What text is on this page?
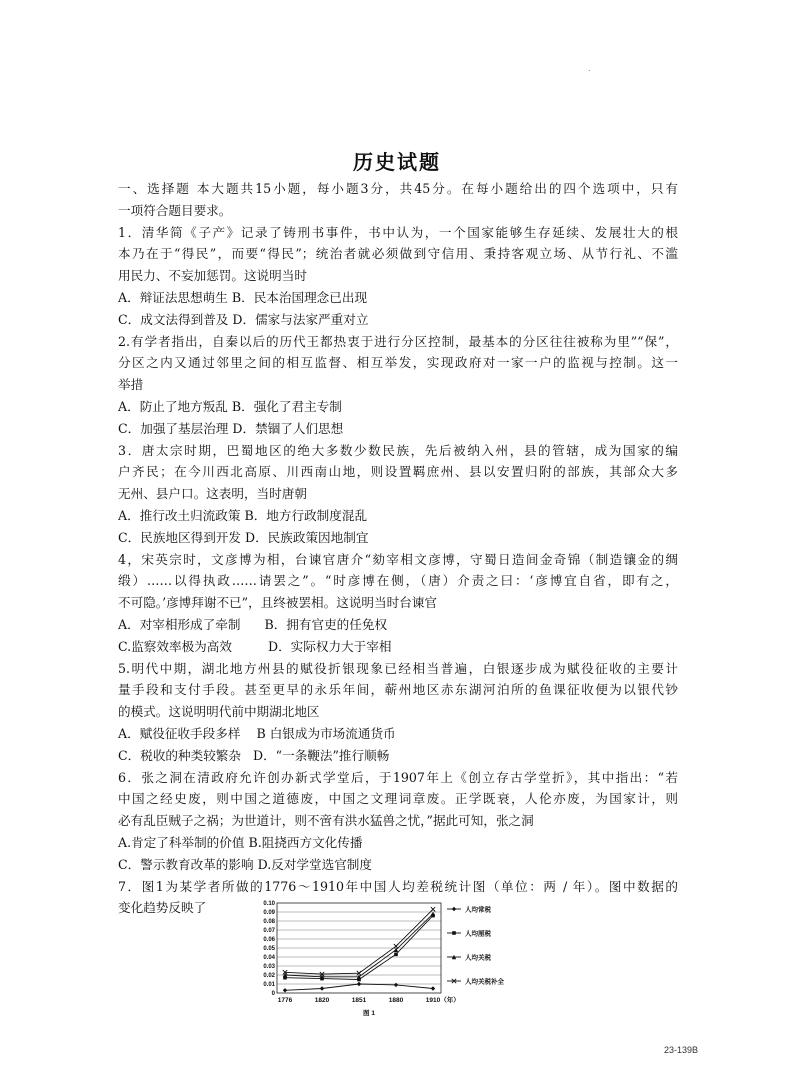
.
历史试题
一、选择题 本大题共15小题，每小题3分，共45分。在每小题给出的四个选项中，只有
一项符合题目要求。
1．清华简《子产》记录了铸刑书事件，书中认为，一个国家能够生存延续、发展壮大的根
本乃在于“得民”，而要“得民”；统治者就必须做到守信用、秉持客观立场、从节行礼、不滥
用民力、不妄加惩罚。这说明当时
A．辩证法思想萌生 B．民本治国理念已出现
C．成文法得到普及 D．儒家与法家严重对立
2.有学者指出，自秦以后的历代王都热衷于进行分区控制，最基本的分区往往被称为里”“保”，
分区之内又通过邻里之间的相互监督、相互举发，实现政府对一家一户的监视与控制。这一
举措
A．防止了地方叛乱 B．强化了君主专制
C．加强了基层治理 D．禁锢了人们思想
3．唐太宗时期，巴蜀地区的绝大多数少数民族，先后被纳入州，县的管辖，成为国家的编
户齐民；在今川西北高原、川西南山地，则设置羁庶州、县以安置归附的部族，其部众大多
无州、县户口。这表明，当时唐朝
A．推行改土归流政策 B．地方行政制度混乱
C．民族地区得到开发 D．民族政策因地制宜
4，宋英宗时，文彦博为相，台谏官唐介“劾宰相文彦博，守蜀日造间金奇锦（制造镶金的绸
缎）……以得执政……请罢之”。“时彦博在侧，（唐）介责之曰：‘彦博宜自省，即有之，
不可隐。’彦博拜谢不已”，且终被罢相。这说明当时台谏官
A．对宰相形成了牵制      B．拥有官吏的任免权
C.监察效率极为高效         D．实际权力大于宰相
5.明代中期，湖北地方州县的赋役折银现象已经相当普遍，白银逐步成为赋役征收的主要计
量手段和支付手段。甚至更早的永乐年间，蕲州地区赤东湖河泊所的鱼课征收便为以银代钞
的模式。这说明明代前中期湖北地区
A．赋役征收手段多样    B 白银成为市场流通货币
C．税收的种类较繁杂   D．“一条鞭法”推行顺畅
6．张之洞在清政府允许创办新式学堂后，于1907年上《创立存古学堂折》，其中指出：“若
中国之经史废，则中国之道德废，中国之文理词章废。正学既衰，人伦亦废，为国家计，则
必有乱臣贼子之祸；为世道计，则不啻有洪水猛兽之忧，”据此可知，张之洞
A.肯定了科举制的价值 B.阻挠西方文化传播
C．警示教育改革的影响 D.反对学堂选官制度
7．图1为某学者所做的1776～1910年中国人均差税统计图（单位：两 / 年）。图中数据的
变化趋势反映了
0
0.01
0.02
0.03
0.04
0.05
0.06
0.07
0.08
0.09
0.10
1776	1820	1851	1880	1910 （年）
图 1
人均常税
人均厘税
人均关税
人均关税补全
23-139B
